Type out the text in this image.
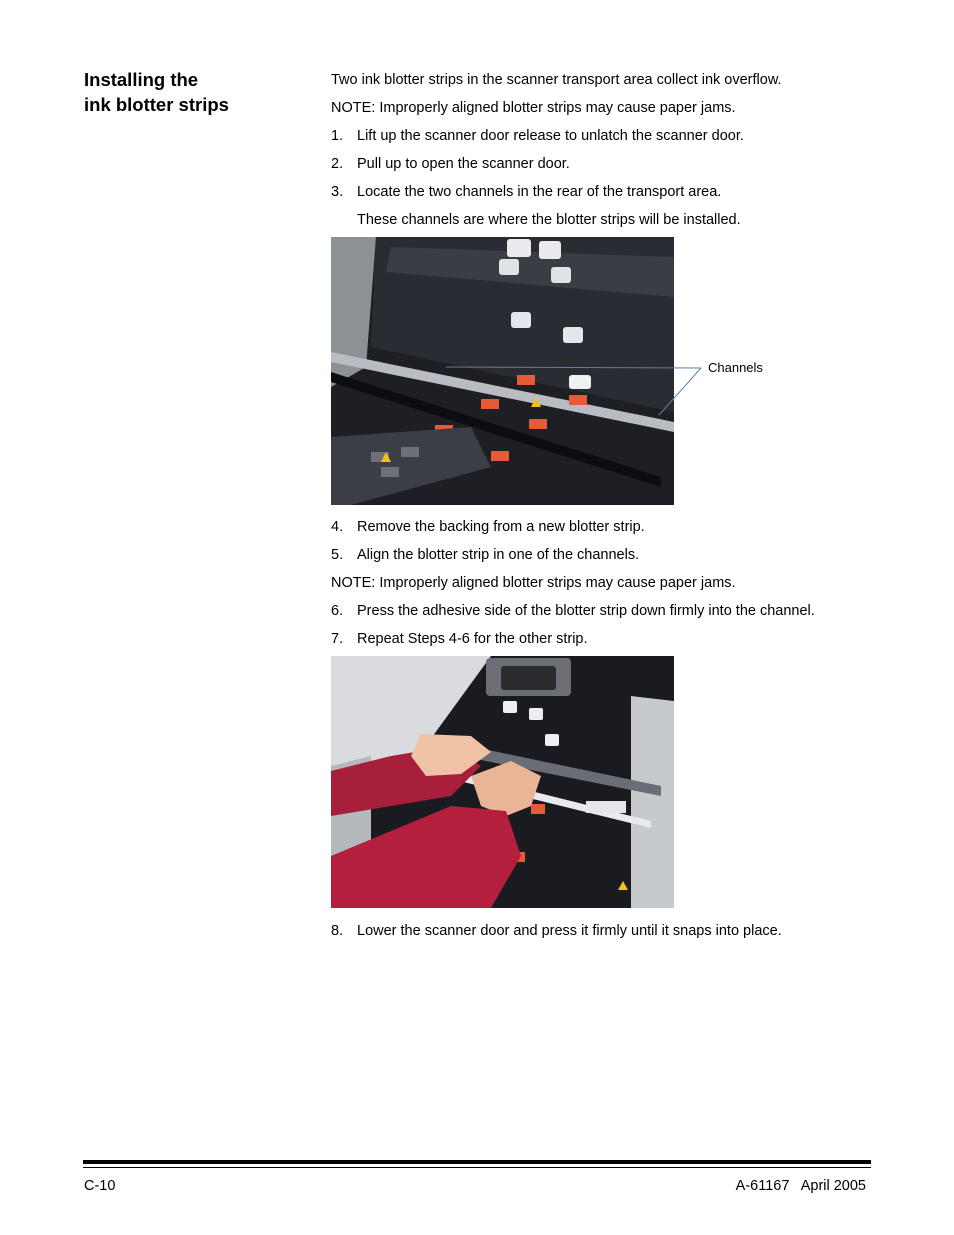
Installing the
ink blotter strips
Two ink blotter strips in the scanner transport area collect ink overflow.
NOTE: Improperly aligned blotter strips may cause paper jams.
1. Lift up the scanner door release to unlatch the scanner door.
2. Pull up to open the scanner door.
3. Locate the two channels in the rear of the transport area.
These channels are where the blotter strips will be installed.
Channels
4. Remove the backing from a new blotter strip.
5. Align the blotter strip in one of the channels.
NOTE: Improperly aligned blotter strips may cause paper jams.
6. Press the adhesive side of the blotter strip down firmly into the channel.
7. Repeat Steps 4-6 for the other strip.
8. Lower the scanner door and press it firmly until it snaps into place.
C-10	A-61167   April 2005
